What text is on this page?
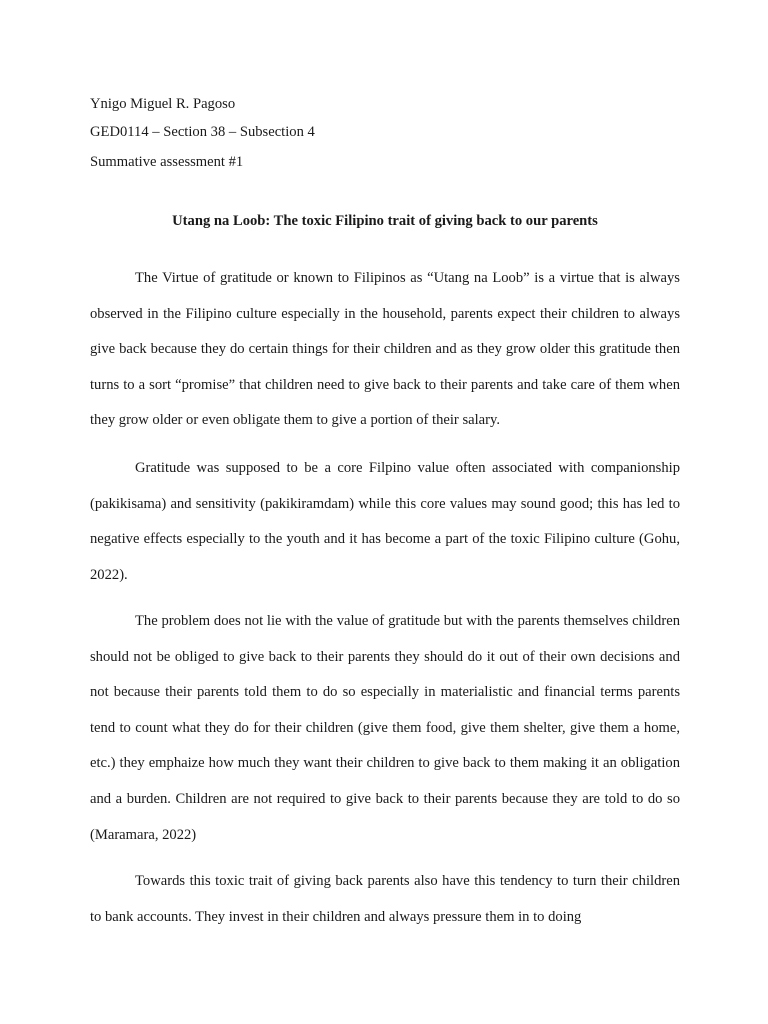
Ynigo Miguel R. Pagoso
GED0114 – Section 38 – Subsection 4
Summative assessment #1
Utang na Loob: The toxic Filipino trait of giving back to our parents

The Virtue of gratitude or known to Filipinos as “Utang na Loob” is a virtue that is always observed in the Filipino culture especially in the household, parents expect their children to always give back because they do certain things for their children and as they grow older this gratitude then turns to a sort “promise” that children need to give back to their parents and take care of them when they grow older or even obligate them to give a portion of their salary.

Gratitude was supposed to be a core Filpino value often associated with companionship (pakikisama) and sensitivity (pakikiramdam) while this core values may sound good; this has led to negative effects especially to the youth and it has become a part of the toxic Filipino culture (Gohu, 2022).

The problem does not lie with the value of gratitude but with the parents themselves children should not be obliged to give back to their parents they should do it out of their own decisions and not because their parents told them to do so especially in materialistic and financial terms parents tend to count what they do for their children (give them food, give them shelter, give them a home, etc.) they emphaize how much they want their children to give back to them making it an obligation and a burden. Children are not required to give back to their parents because they are told to do so (Maramara, 2022)

Towards this toxic trait of giving back parents also have this tendency to turn their children to bank accounts. They invest in their children and always pressure them in to doing
